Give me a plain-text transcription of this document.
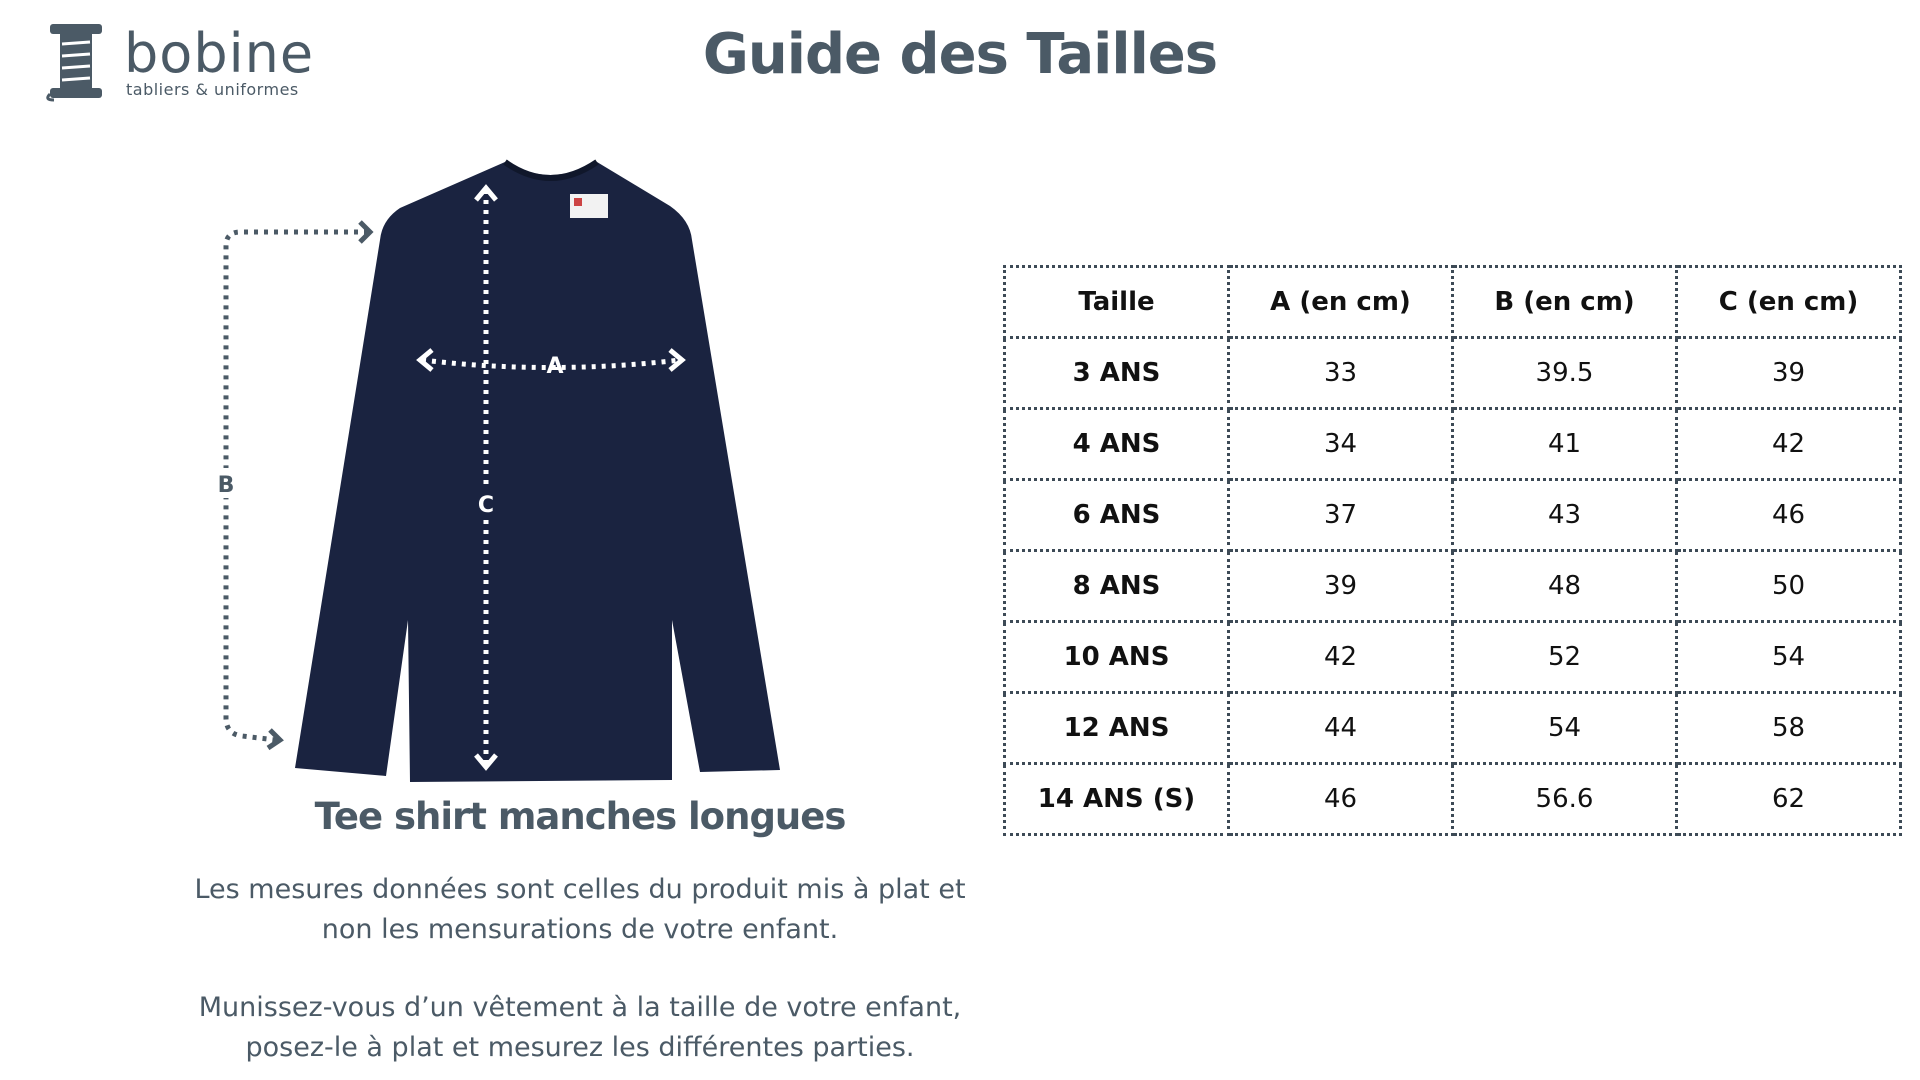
bobine
tabliers & uniformes
Guide des Tailles
A
C
B
Tee shirt manches longues

Les mesures données sont celles du produit mis à plat et
non les mensurations de votre enfant.

Munissez-vous d’un vêtement à la taille de votre enfant,
posez-le à plat et mesurez les différentes parties.

Taille	A (en cm)	B (en cm)	C (en cm)
3 ANS	33	39.5	39
4 ANS	34	41	42
6 ANS	37	43	46
8 ANS	39	48	50
10 ANS	42	52	54
12 ANS	44	54	58
14 ANS (S)	46	56.6	62
